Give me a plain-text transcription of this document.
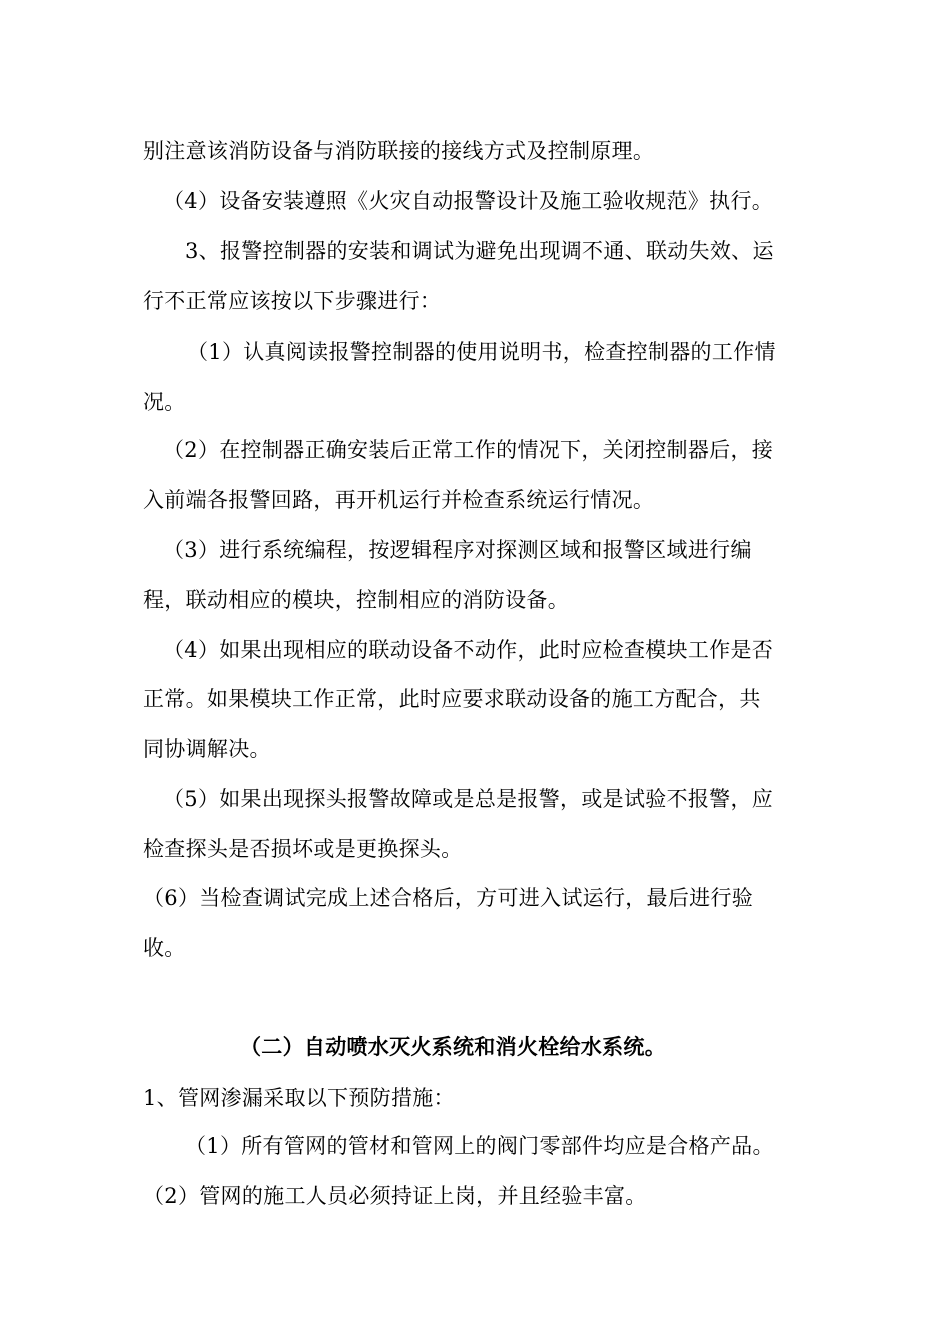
别注意该消防设备与消防联接的接线方式及控制原理。
（4）设备安装遵照《火灾自动报警设计及施工验收规范》执行。
3、报警控制器的安装和调试为避免出现调不通、联动失效、运
行不正常应该按以下步骤进行：
（1）认真阅读报警控制器的使用说明书，检查控制器的工作情
况。
（2）在控制器正确安装后正常工作的情况下，关闭控制器后，接
入前端各报警回路，再开机运行并检查系统运行情况。
（3）进行系统编程，按逻辑程序对探测区域和报警区域进行编
程，联动相应的模块，控制相应的消防设备。
（4）如果出现相应的联动设备不动作，此时应检查模块工作是否
正常。如果模块工作正常，此时应要求联动设备的施工方配合，共
同协调解决。
（5）如果出现探头报警故障或是总是报警，或是试验不报警，应
检查探头是否损坏或是更换探头。
（6）当检查调试完成上述合格后，方可进入试运行，最后进行验
收。
（二）自动喷水灭火系统和消火栓给水系统。
1、管网渗漏采取以下预防措施：
（1）所有管网的管材和管网上的阀门零部件均应是合格产品。
（2）管网的施工人员必须持证上岗，并且经验丰富。
